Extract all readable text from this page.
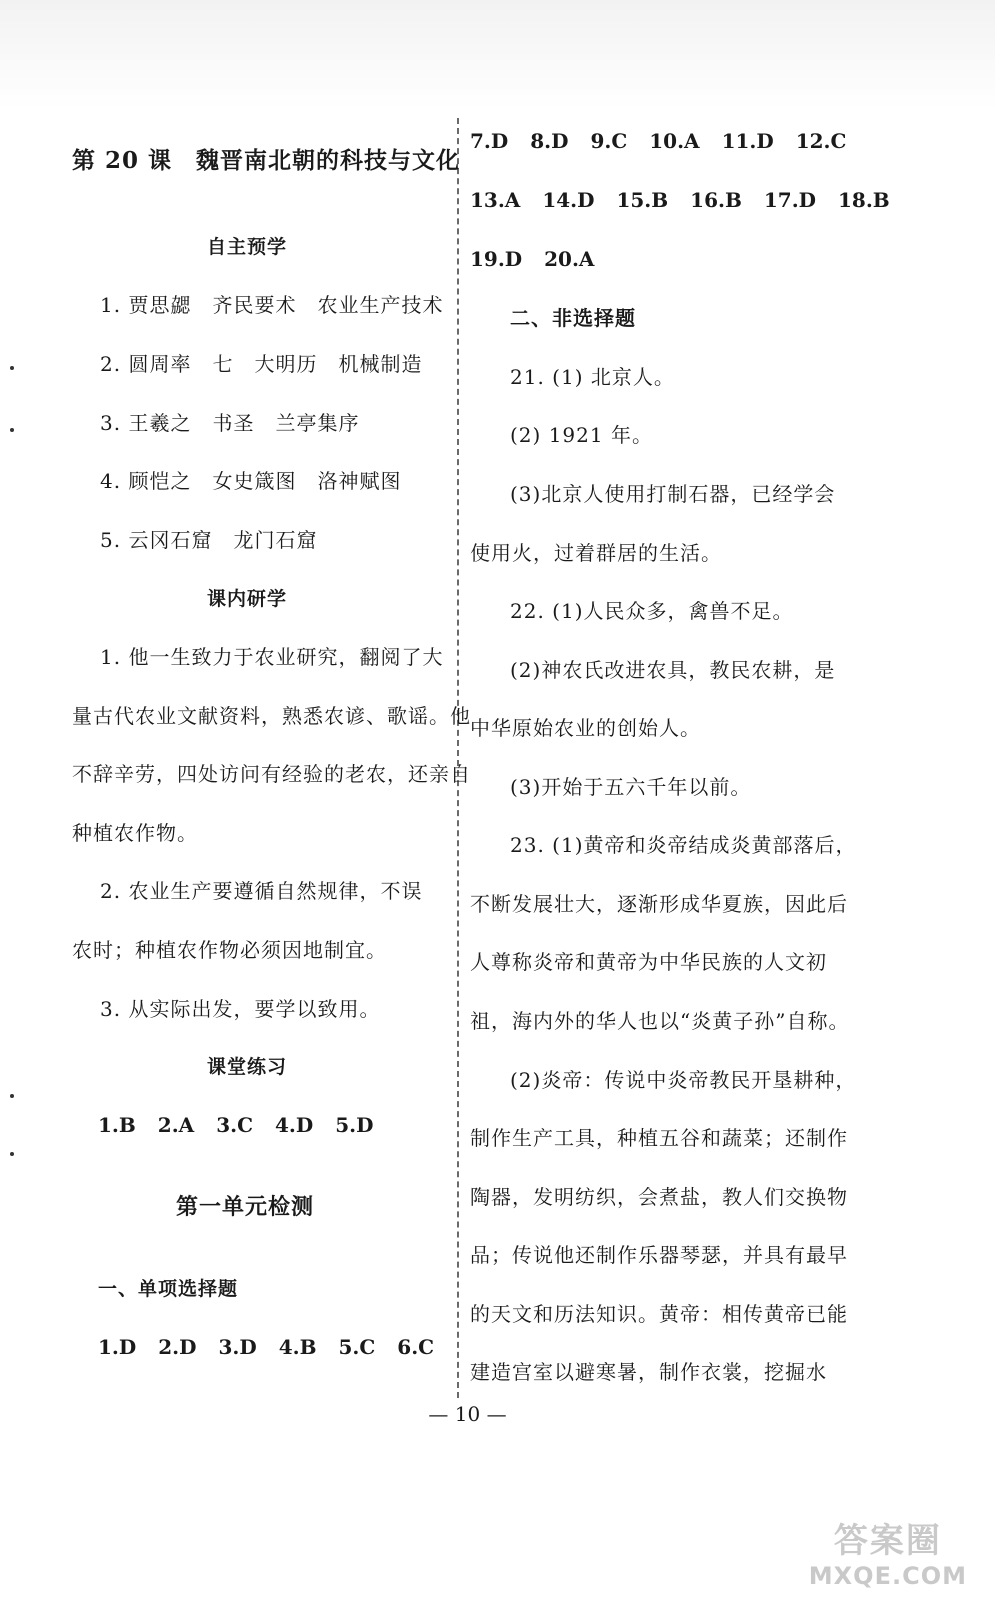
第 20 课　魏晋南北朝的科技与文化
自主预学
1. 贾思勰　齐民要术　农业生产技术
2. 圆周率　七　大明历　机械制造
3. 王羲之　书圣　兰亭集序
4. 顾恺之　女史箴图　洛神赋图
5. 云冈石窟　龙门石窟
课内研学
1. 他一生致力于农业研究，翻阅了大
量古代农业文献资料，熟悉农谚、歌谣。他
不辞辛劳，四处访问有经验的老农，还亲自
种植农作物。
2. 农业生产要遵循自然规律，不误
农时；种植农作物必须因地制宜。
3. 从实际出发，要学以致用。
课堂练习
1.B 2.A 3.C 4.D 5.D
第一单元检测
一、单项选择题
1.D 2.D 3.D 4.B 5.C 6.C
7.D 8.D 9.C 10.A 11.D 12.C
13.A 14.D 15.B 16.B 17.D 18.B
19.D 20.A
二、非选择题
21. (1) 北京人。
(2) 1921 年。
(3)北京人使用打制石器，已经学会
使用火，过着群居的生活。
22. (1)人民众多，禽兽不足。
(2)神农氏改进农具，教民农耕，是
中华原始农业的创始人。
(3)开始于五六千年以前。
23. (1)黄帝和炎帝结成炎黄部落后，
不断发展壮大，逐渐形成华夏族，因此后
人尊称炎帝和黄帝为中华民族的人文初
祖，海内外的华人也以“炎黄子孙”自称。
(2)炎帝：传说中炎帝教民开垦耕种，
制作生产工具，种植五谷和蔬菜；还制作
陶器，发明纺织，会煮盐，教人们交换物
品；传说他还制作乐器琴瑟，并具有最早
的天文和历法知识。黄帝：相传黄帝已能
建造宫室以避寒暑，制作衣裳，挖掘水
— 10 —
答案圈
MXQE.COM
